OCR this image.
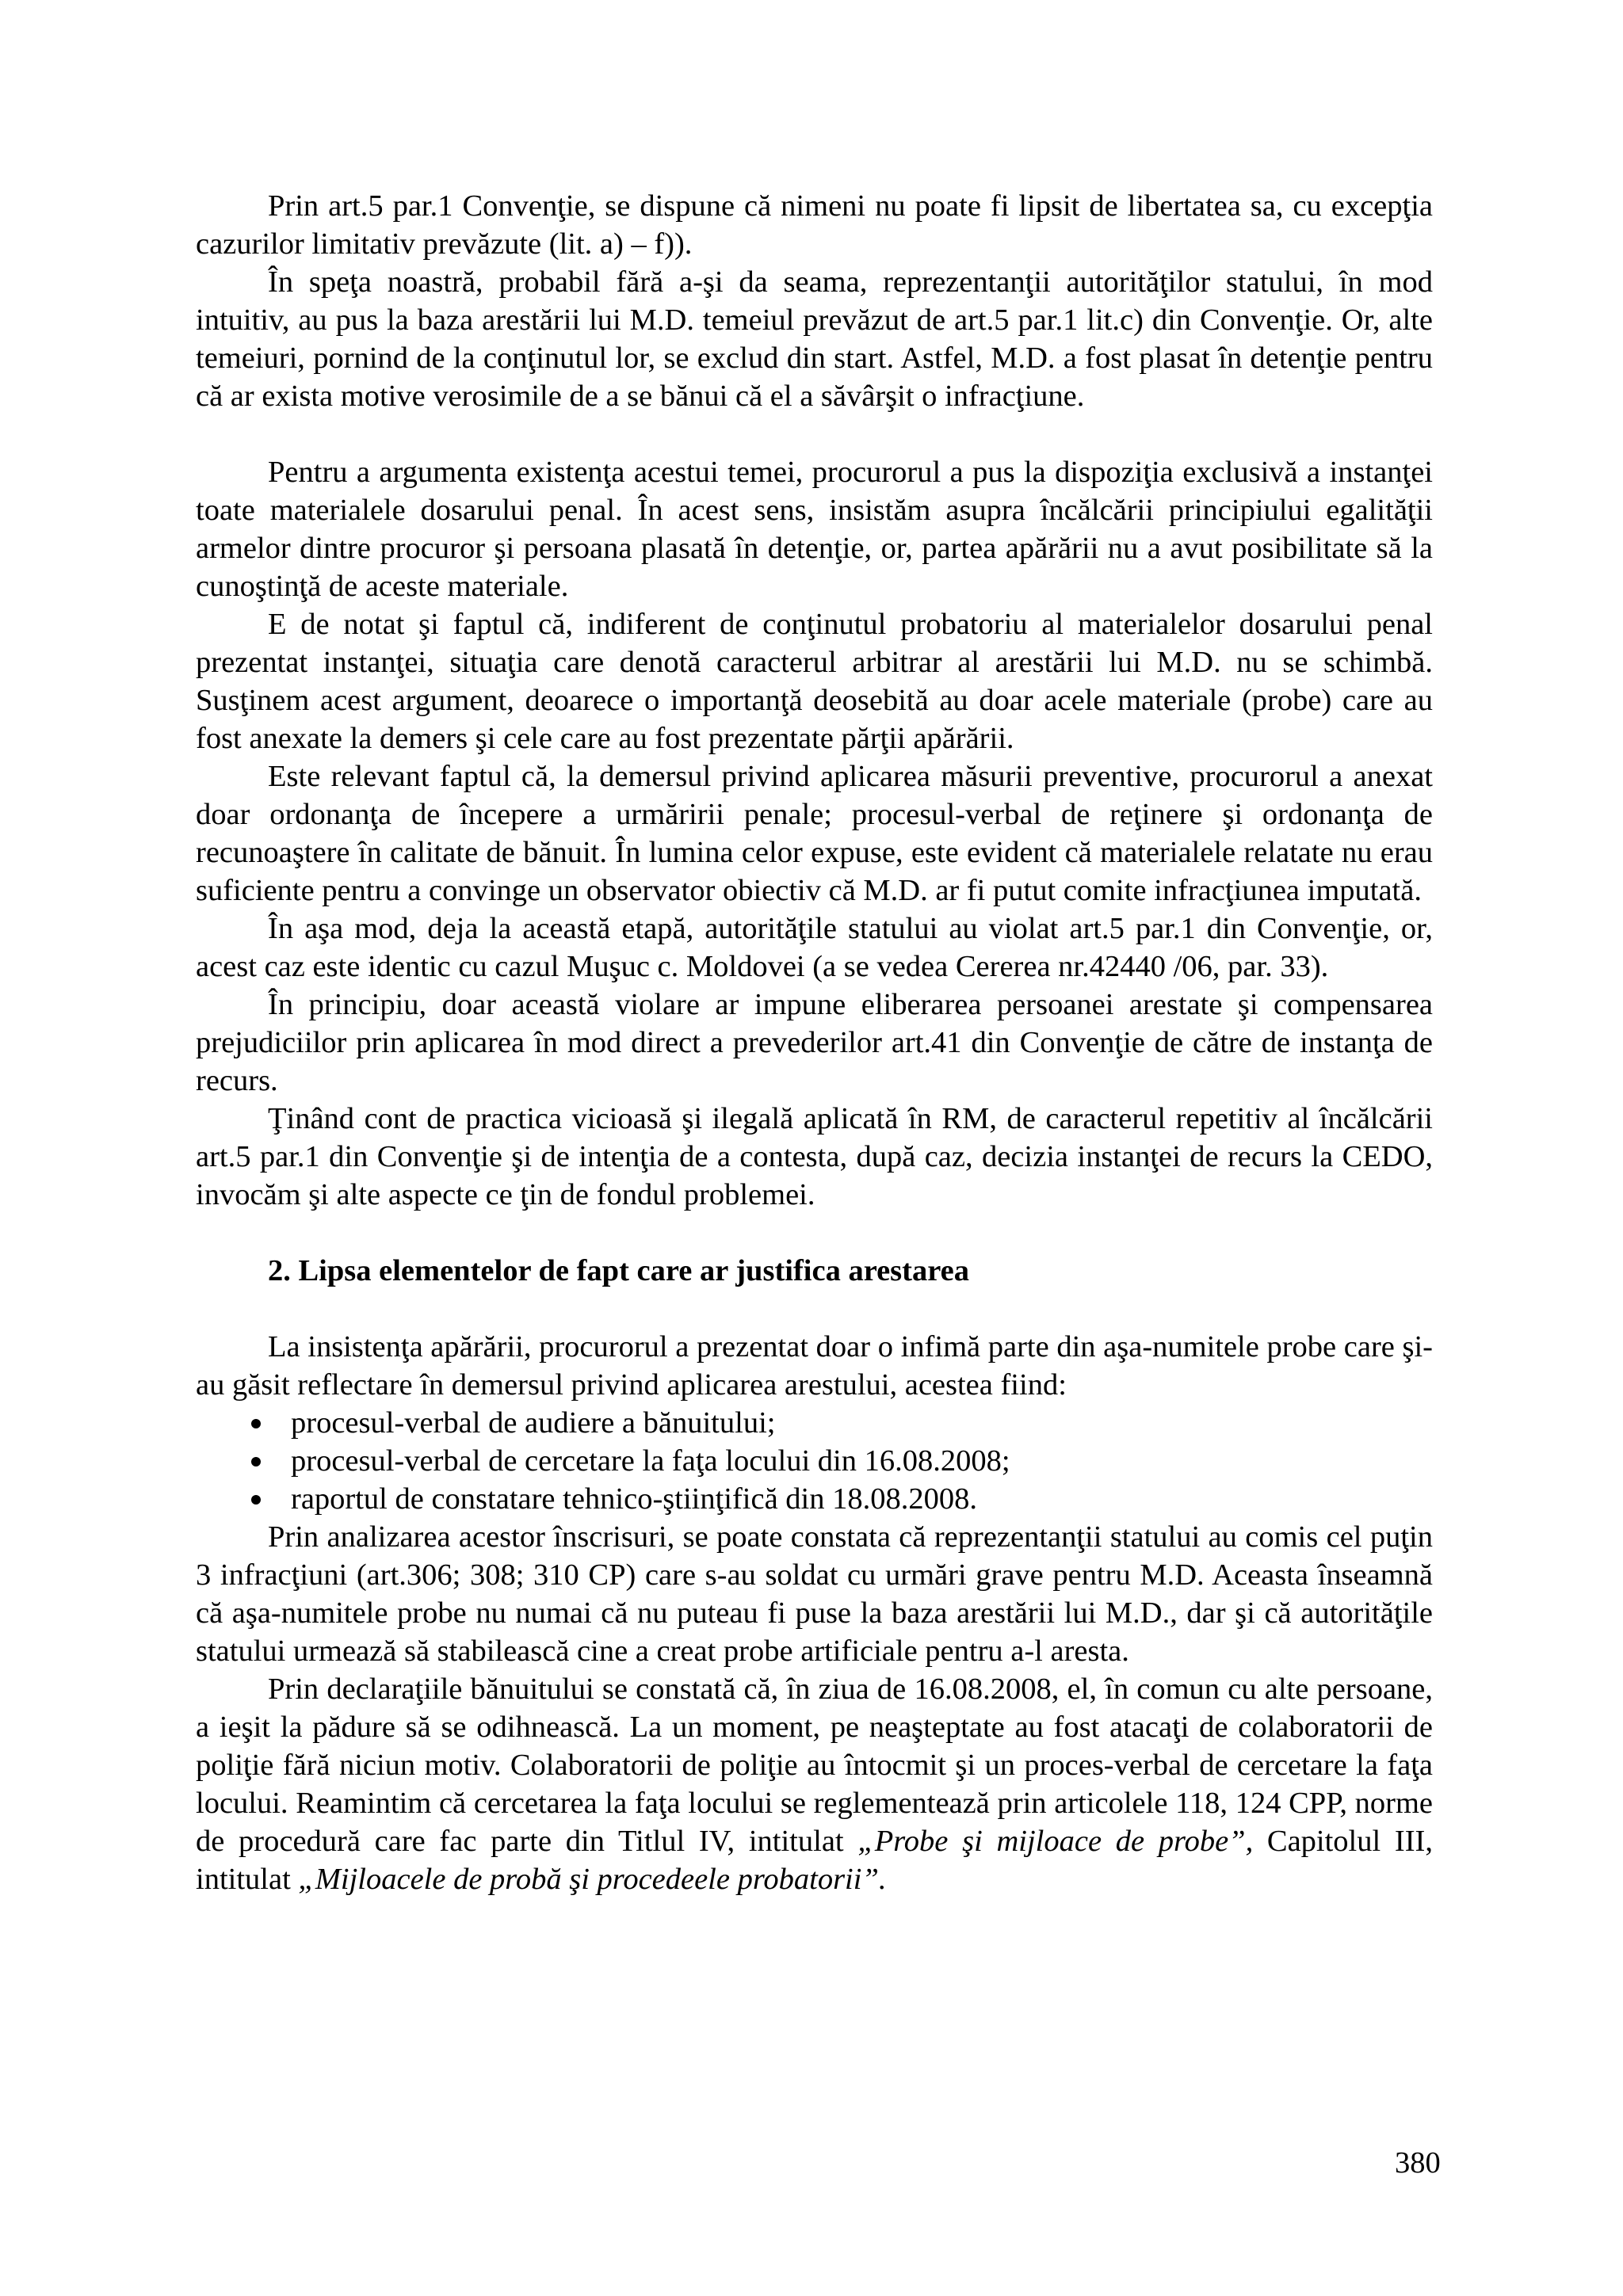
Prin art.5 par.1 Convenţie, se dispune că nimeni nu poate fi lipsit de libertatea sa, cu excepţia cazurilor limitativ prevăzute (lit. a) – f)).

În speţa noastră, probabil fără a-şi da seama, reprezentanţii autorităţilor statului, în mod intuitiv, au pus la baza arestării lui M.D. temeiul prevăzut de art.5 par.1 lit.c) din Convenţie. Or, alte temeiuri, pornind de la conţinutul lor, se exclud din start. Astfel, M.D. a fost plasat în detenţie pentru că ar exista motive verosimile de a se bănui că el a săvârşit o infracţiune.

Pentru a argumenta existenţa acestui temei, procurorul a pus la dispoziţia exclusivă a instanţei toate materialele dosarului penal. În acest sens, insistăm asupra încălcării principiului egalităţii armelor dintre procuror şi persoana plasată în detenţie, or, partea apărării nu a avut posibilitate să la cunoştinţă de aceste materiale.

E de notat şi faptul că, indiferent de conţinutul probatoriu al materialelor dosarului penal prezentat instanţei, situaţia care denotă caracterul arbitrar al arestării lui M.D. nu se schimbă. Susţinem acest argument, deoarece o importanţă deosebită au doar acele materiale (probe) care au fost anexate la demers şi cele care au fost prezentate părţii apărării.

Este relevant faptul că, la demersul privind aplicarea măsurii preventive, procurorul a anexat doar ordonanţa de începere a urmăririi penale; procesul-verbal de reţinere şi ordonanţa de recunoaştere în calitate de bănuit. În lumina celor expuse, este evident că materialele relatate nu erau suficiente pentru a convinge un observator obiectiv că M.D. ar fi putut comite infracţiunea imputată.

În aşa mod, deja la această etapă, autorităţile statului au violat art.5 par.1 din Convenţie, or, acest caz este identic cu cazul Muşuc c. Moldovei (a se vedea Cererea nr.42440 /06, par. 33).

În principiu, doar această violare ar impune eliberarea persoanei arestate şi compensarea prejudiciilor prin aplicarea în mod direct a prevederilor art.41 din Convenţie de către de instanţa de recurs.

Ţinând cont de practica vicioasă şi ilegală aplicată în RM, de caracterul repetitiv al încălcării art.5 par.1 din Convenţie şi de intenţia de a contesta, după caz, decizia instanţei de recurs la CEDO, invocăm şi alte aspecte ce ţin de fondul problemei.

2. Lipsa elementelor de fapt care ar justifica arestarea

La insistenţa apărării, procurorul a prezentat doar o infimă parte din aşa-numitele probe care şi-au găsit reflectare în demersul privind aplicarea arestului, acestea fiind:

procesul-verbal de audiere a bănuitului;
procesul-verbal de cercetare la faţa locului din 16.08.2008;
raportul de constatare tehnico-ştiinţifică din 18.08.2008.

Prin analizarea acestor înscrisuri, se poate constata că reprezentanţii statului au comis cel puţin 3 infracţiuni (art.306; 308; 310 CP) care s-au soldat cu urmări grave pentru M.D. Aceasta înseamnă că aşa-numitele probe nu numai că nu puteau fi puse la baza arestării lui M.D., dar şi că autorităţile statului urmează să stabilească cine a creat probe artificiale pentru a-l aresta.

Prin declaraţiile bănuitului se constată că, în ziua de 16.08.2008, el, în comun cu alte persoane, a ieşit la pădure să se odihnească. La un moment, pe neaşteptate au fost atacaţi de colaboratorii de poliţie fără niciun motiv. Colaboratorii de poliţie au întocmit şi un proces-verbal de cercetare la faţa locului. Reamintim că cercetarea la faţa locului se reglementează prin articolele 118, 124 CPP, norme de procedură care fac parte din Titlul IV, intitulat „Probe şi mijloace de probe”, Capitolul III, intitulat „Mijloacele de probă şi procedeele probatorii”.

380
